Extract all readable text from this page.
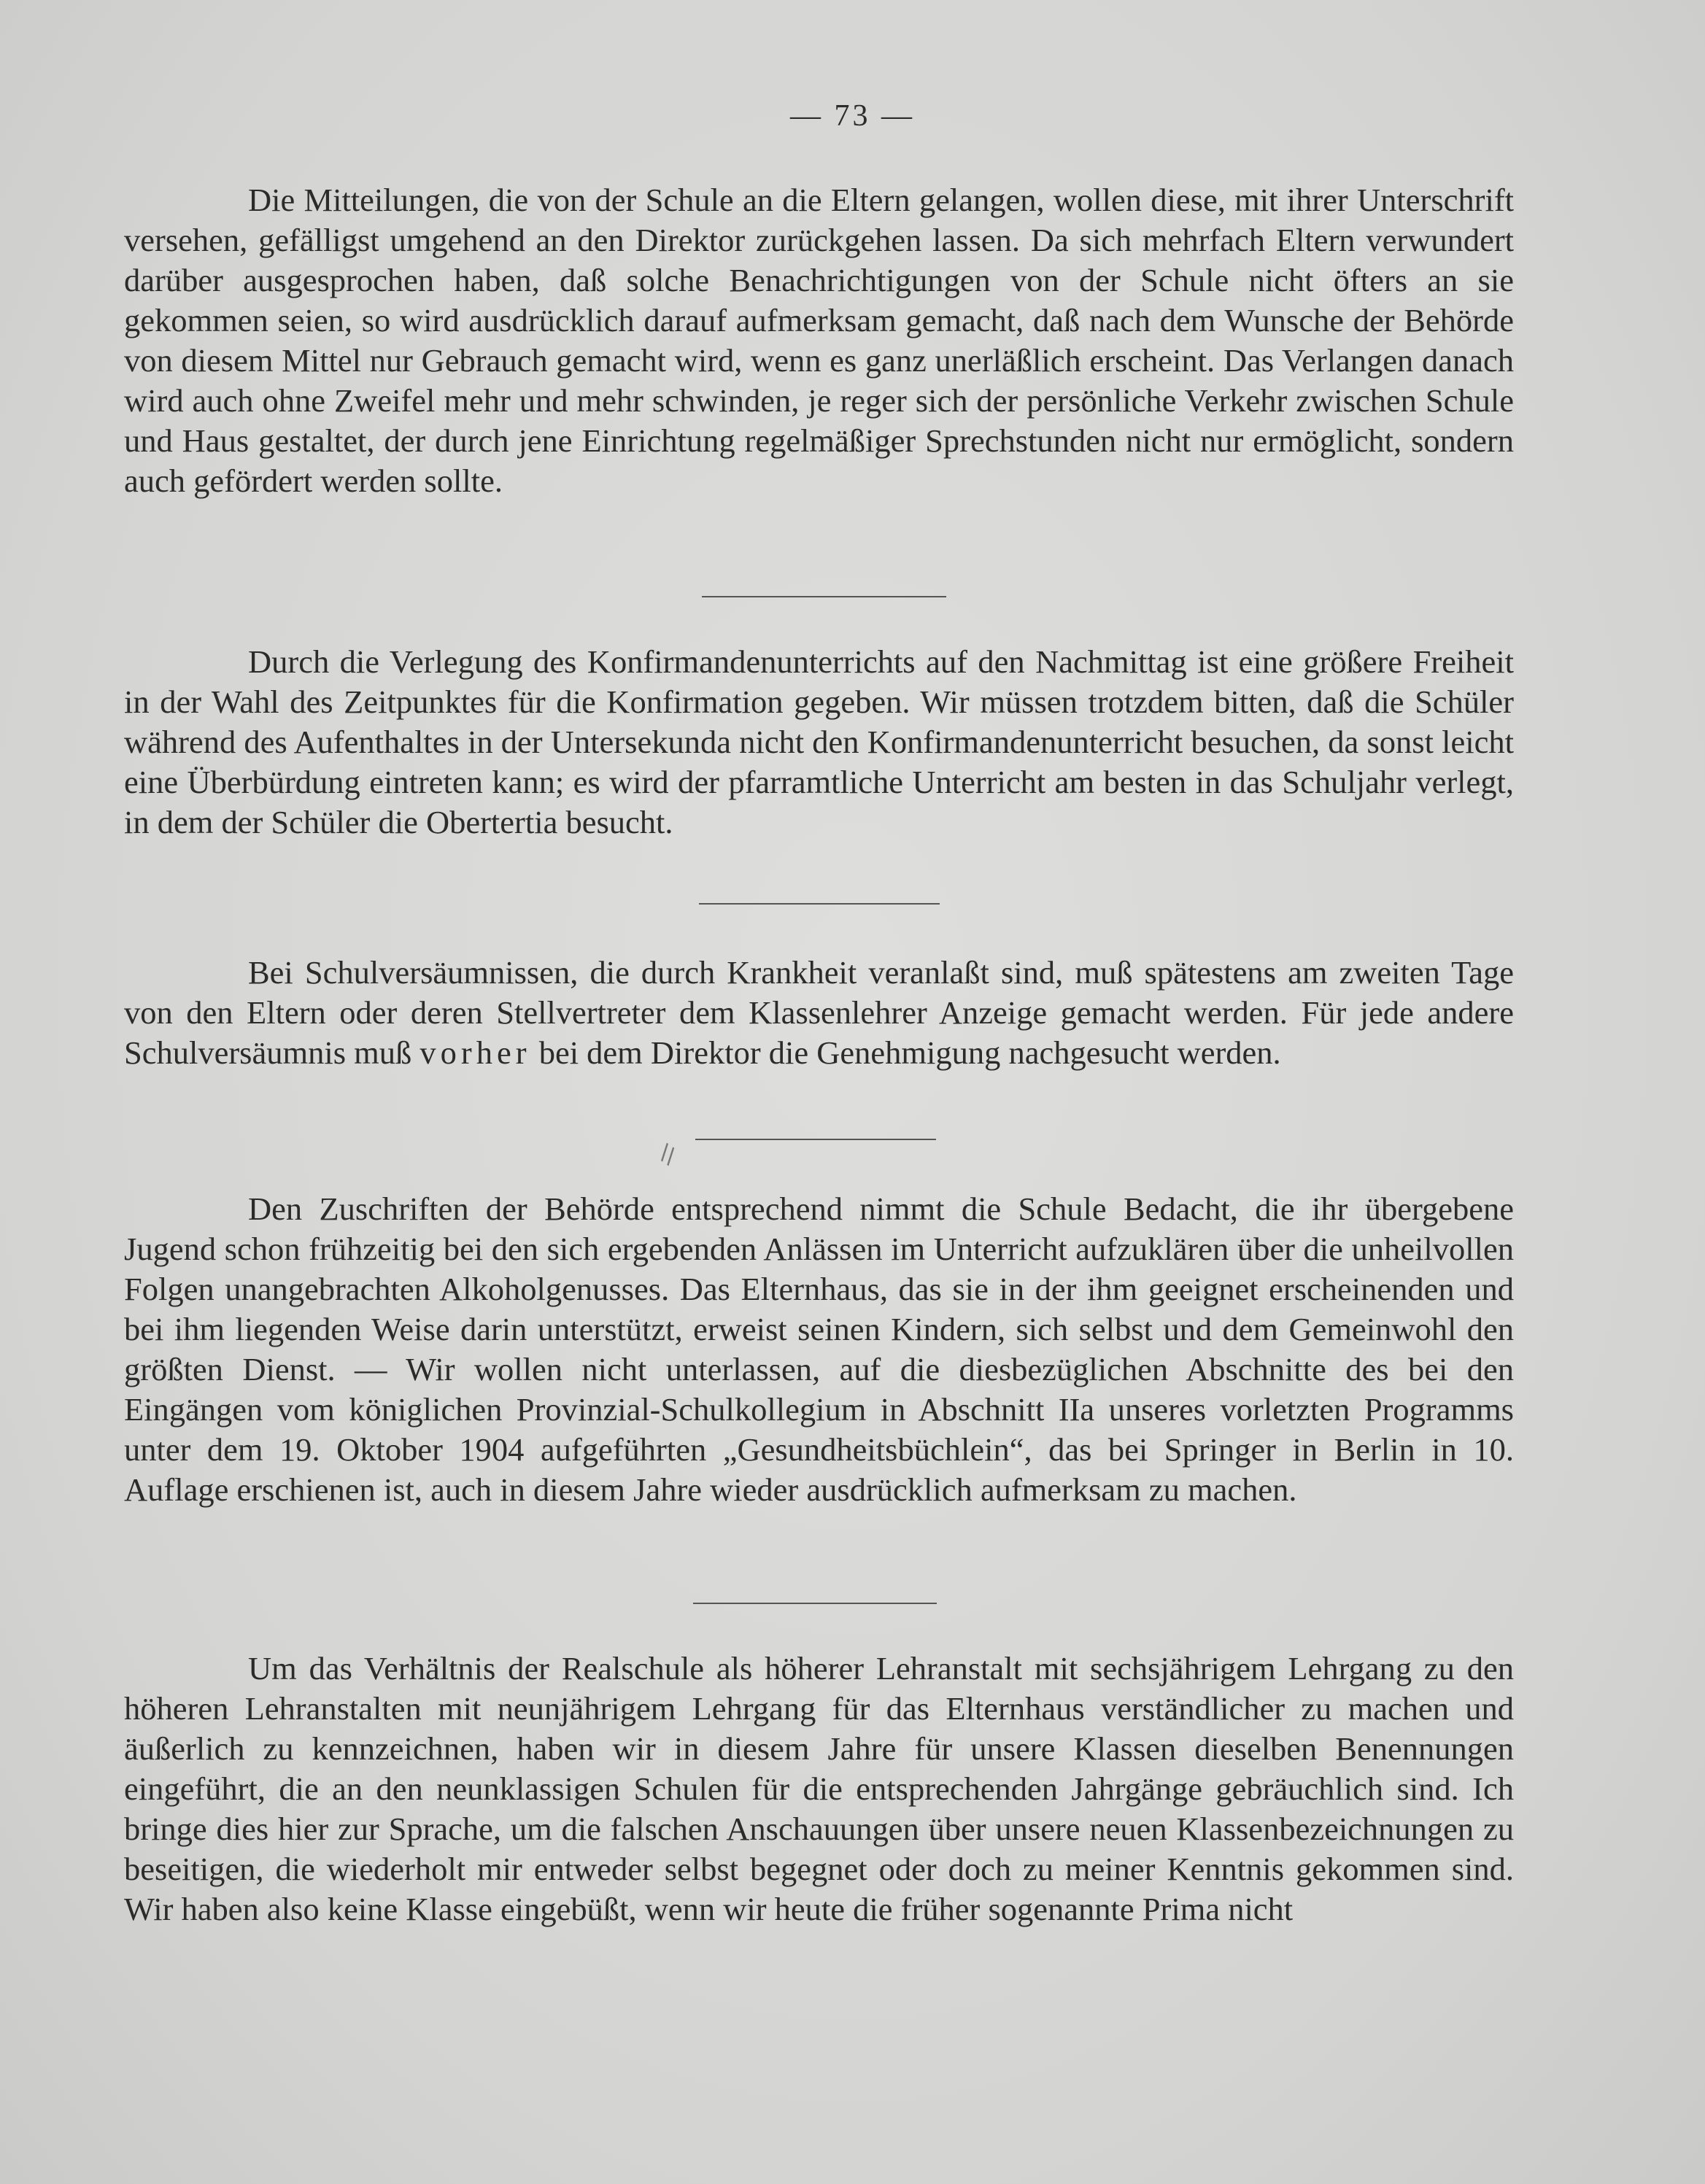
— 73 —

Die Mitteilungen, die von der Schule an die Eltern gelangen, wollen diese, mit ihrer Unterschrift versehen, gefälligst umgehend an den Direktor zurückgehen lassen. Da sich mehrfach Eltern verwundert darüber ausgesprochen haben, daß solche Benachrichtigungen von der Schule nicht öfters an sie gekommen seien, so wird ausdrücklich darauf aufmerksam gemacht, daß nach dem Wunsche der Behörde von diesem Mittel nur Gebrauch gemacht wird, wenn es ganz unerläßlich erscheint. Das Verlangen danach wird auch ohne Zweifel mehr und mehr schwinden, je reger sich der persönliche Verkehr zwischen Schule und Haus gestaltet, der durch jene Einrichtung regelmäßiger Sprechstunden nicht nur ermöglicht, sondern auch gefördert werden sollte.

Durch die Verlegung des Konfirmandenunterrichts auf den Nachmittag ist eine größere Freiheit in der Wahl des Zeitpunktes für die Konfirmation gegeben. Wir müssen trotzdem bitten, daß die Schüler während des Aufenthaltes in der Untersekunda nicht den Konfirmandenunterricht besuchen, da sonst leicht eine Überbürdung eintreten kann; es wird der pfarramtliche Unterricht am besten in das Schuljahr verlegt, in dem der Schüler die Obertertia besucht.

Bei Schulversäumnissen, die durch Krankheit veranlaßt sind, muß spätestens am zweiten Tage von den Eltern oder deren Stellvertreter dem Klassenlehrer Anzeige gemacht werden. Für jede andere Schulversäumnis muß vorher bei dem Direktor die Genehmigung nachgesucht werden.

\\

Den Zuschriften der Behörde entsprechend nimmt die Schule Bedacht, die ihr übergebene Jugend schon frühzeitig bei den sich ergebenden Anlässen im Unterricht aufzuklären über die unheilvollen Folgen unangebrachten Alkoholgenusses. Das Elternhaus, das sie in der ihm geeignet erscheinenden und bei ihm liegenden Weise darin unterstützt, erweist seinen Kindern, sich selbst und dem Gemeinwohl den größten Dienst. — Wir wollen nicht unterlassen, auf die diesbezüglichen Abschnitte des bei den Eingängen vom königlichen Provinzial-Schulkollegium in Abschnitt IIa unseres vorletzten Programms unter dem 19. Oktober 1904 aufgeführten „Gesundheitsbüchlein“, das bei Springer in Berlin in 10. Auflage erschienen ist, auch in diesem Jahre wieder ausdrücklich aufmerksam zu machen.

Um das Verhältnis der Realschule als höherer Lehranstalt mit sechsjährigem Lehrgang zu den höheren Lehranstalten mit neunjährigem Lehrgang für das Elternhaus verständlicher zu machen und äußerlich zu kennzeichnen, haben wir in diesem Jahre für unsere Klassen dieselben Benennungen eingeführt, die an den neunklassigen Schulen für die entsprechenden Jahrgänge gebräuchlich sind. Ich bringe dies hier zur Sprache, um die falschen Anschauungen über unsere neuen Klassenbezeichnungen zu beseitigen, die wiederholt mir entweder selbst begegnet oder doch zu meiner Kenntnis gekommen sind. Wir haben also keine Klasse eingebüßt, wenn wir heute die früher sogenannte Prima nicht
